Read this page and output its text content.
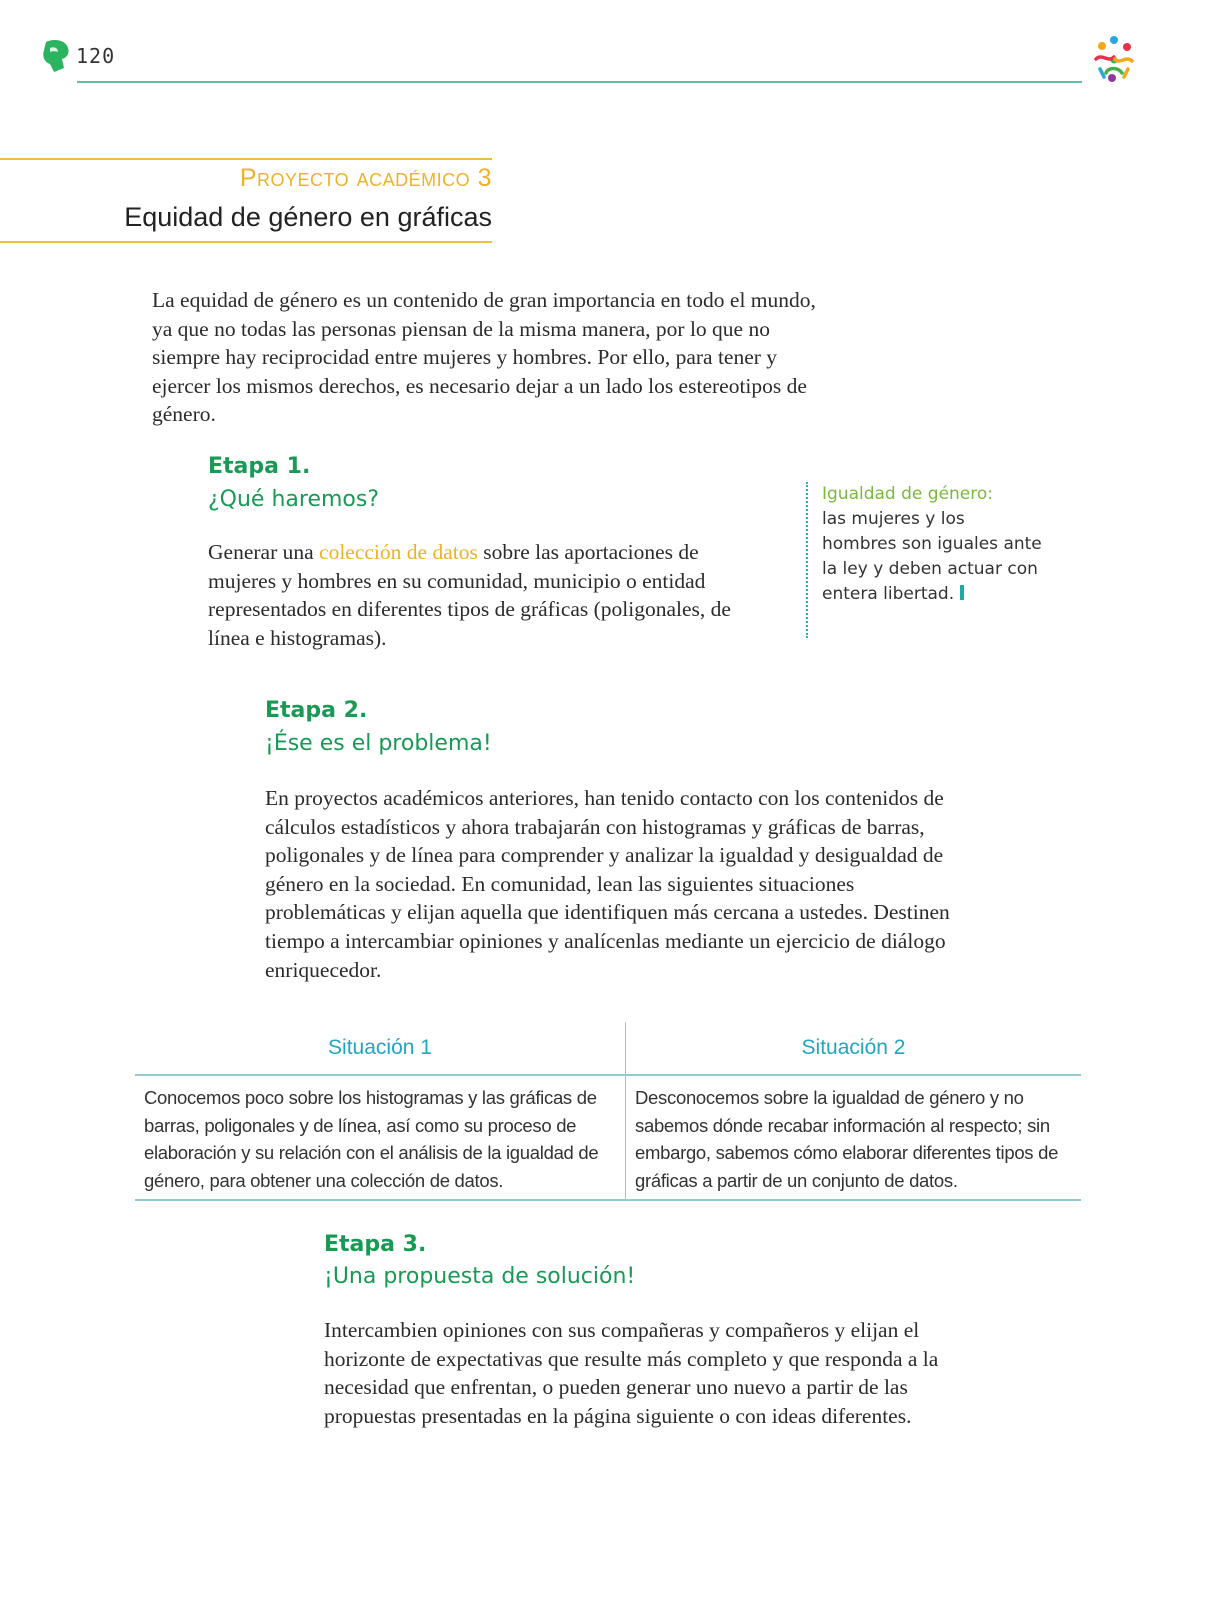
120
Proyecto académico 3
Equidad de género en gráficas
La equidad de género es un contenido de gran importancia en todo el mundo, ya que no todas las personas piensan de la misma manera, por lo que no siempre hay reciprocidad entre mujeres y hombres. Por ello, para tener y ejercer los mismos derechos, es necesario dejar a un lado los estereotipos de género.
Etapa 1.
¿Qué haremos?
Generar una colección de datos sobre las aportaciones de mujeres y hombres en su comunidad, municipio o entidad representados en diferentes tipos de gráficas (poligonales, de línea e histogramas).
Igualdad de género:
las mujeres y los hombres son iguales ante la ley y deben actuar con entera libertad.
Etapa 2.
¡Ése es el problema!
En proyectos académicos anteriores, han tenido contacto con los contenidos de cálculos estadísticos y ahora trabajarán con histogramas y gráficas de barras, poligonales y de línea para comprender y analizar la igualdad y desigualdad de género en la sociedad. En comunidad, lean las siguientes situaciones problemáticas y elijan aquella que identifiquen más cercana a ustedes. Destinen tiempo a intercambiar opiniones y analícenlas mediante un ejercicio de diálogo enriquecedor.
Situación 1	Situación 2
Conocemos poco sobre los histogramas y las gráficas de barras, poligonales y de línea, así como su proceso de elaboración y su relación con el análisis de la igualdad de género, para obtener una colección de datos.
Desconocemos sobre la igualdad de género y no sabemos dónde recabar información al respecto; sin embargo, sabemos cómo elaborar diferentes tipos de gráficas a partir de un conjunto de datos.
Etapa 3.
¡Una propuesta de solución!
Intercambien opiniones con sus compañeras y compañeros y elijan el horizonte de expectativas que resulte más completo y que responda a la necesidad que enfrentan, o pueden generar uno nuevo a partir de las propuestas presentadas en la página siguiente o con ideas diferentes.
